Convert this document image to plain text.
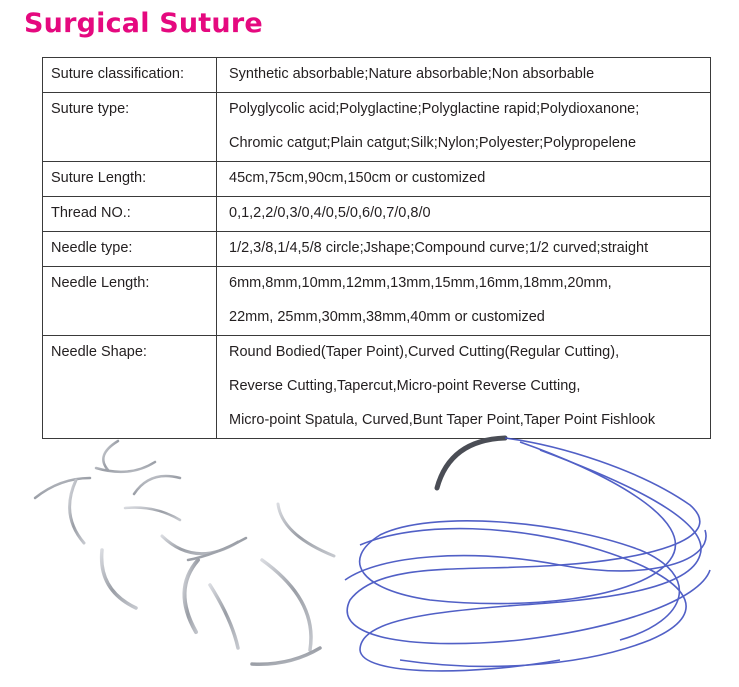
Surgical Suture
Suture classification:	Synthetic absorbable;Nature absorbable;Non absorbable

Suture type:	Polyglycolic acid;Polyglactine;Polyglactine rapid;Polydioxanone;
Chromic catgut;Plain catgut;Silk;Nylon;Polyester;Polypropelene

Suture Length:	45cm,75cm,90cm,150cm or customized

Thread NO.:	0,1,2,2/0,3/0,4/0,5/0,6/0,7/0,8/0

Needle type:	1/2,3/8,1/4,5/8 circle;Jshape;Compound curve;1/2 curved;straight

Needle Length:	6mm,8mm,10mm,12mm,13mm,15mm,16mm,18mm,20mm,
22mm, 25mm,30mm,38mm,40mm or customized

Needle Shape:	Round Bodied(Taper Point),Curved Cutting(Regular Cutting),
Reverse Cutting,Tapercut,Micro-point Reverse Cutting,
Micro-point Spatula, Curved,Bunt Taper Point,Taper Point Fishlook
